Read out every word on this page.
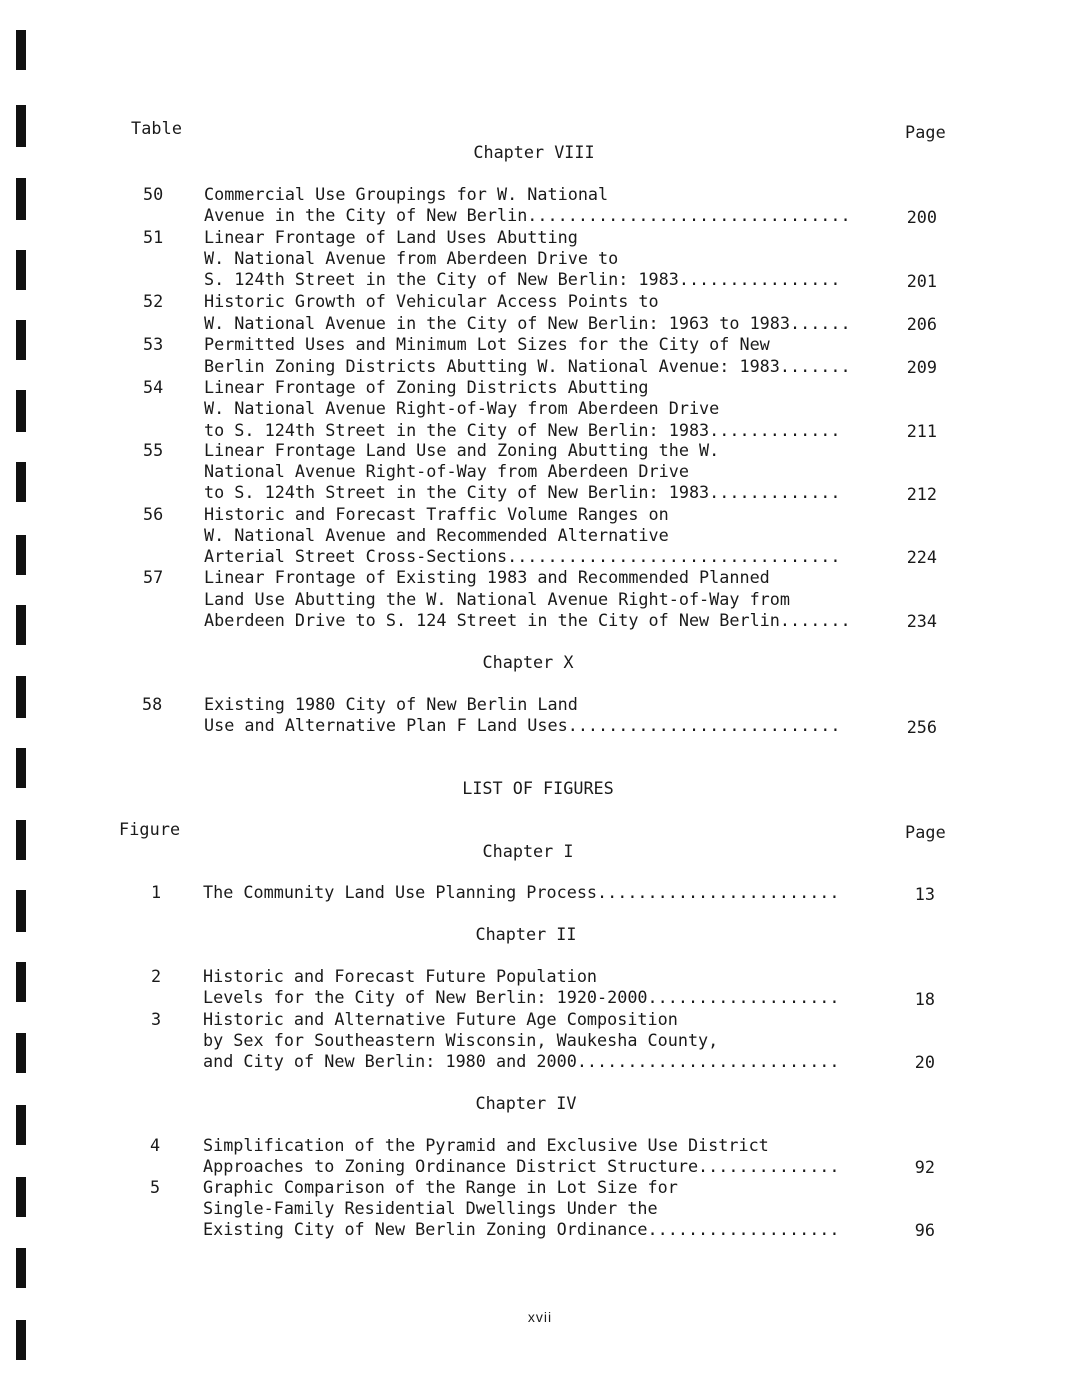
Table	Page
Chapter VIII
50 Commercial Use Groupings for W. National
Avenue in the City of New Berlin................................	200
51 Linear Frontage of Land Uses Abutting
W. National Avenue from Aberdeen Drive to
S. 124th Street in the City of New Berlin: 1983................	201
52 Historic Growth of Vehicular Access Points to
W. National Avenue in the City of New Berlin: 1963 to 1983......	206
53 Permitted Uses and Minimum Lot Sizes for the City of New
Berlin Zoning Districts Abutting W. National Avenue: 1983.......	209
54 Linear Frontage of Zoning Districts Abutting
W. National Avenue Right-of-Way from Aberdeen Drive
to S. 124th Street in the City of New Berlin: 1983.............	211
55 Linear Frontage Land Use and Zoning Abutting the W.
National Avenue Right-of-Way from Aberdeen Drive
to S. 124th Street in the City of New Berlin: 1983.............	212
56 Historic and Forecast Traffic Volume Ranges on
W. National Avenue and Recommended Alternative
Arterial Street Cross-Sections.................................	224
57 Linear Frontage of Existing 1983 and Recommended Planned
Land Use Abutting the W. National Avenue Right-of-Way from
Aberdeen Drive to S. 124 Street in the City of New Berlin.......	234
Chapter X
58 Existing 1980 City of New Berlin Land
Use and Alternative Plan F Land Uses...........................	256
LIST OF FIGURES
Figure	Page
Chapter I
1 The Community Land Use Planning Process........................	13
Chapter II
2 Historic and Forecast Future Population
Levels for the City of New Berlin: 1920-2000...................	18
3 Historic and Alternative Future Age Composition
by Sex for Southeastern Wisconsin, Waukesha County,
and City of New Berlin: 1980 and 2000..........................	20
Chapter IV
4	Simplification of the Pyramid and Exclusive Use District
Approaches to Zoning Ordinance District Structure..............	92
5	Graphic Comparison of the Range in Lot Size for
Single-Family Residential Dwellings Under the
Existing City of New Berlin Zoning Ordinance...................	96
xvii
